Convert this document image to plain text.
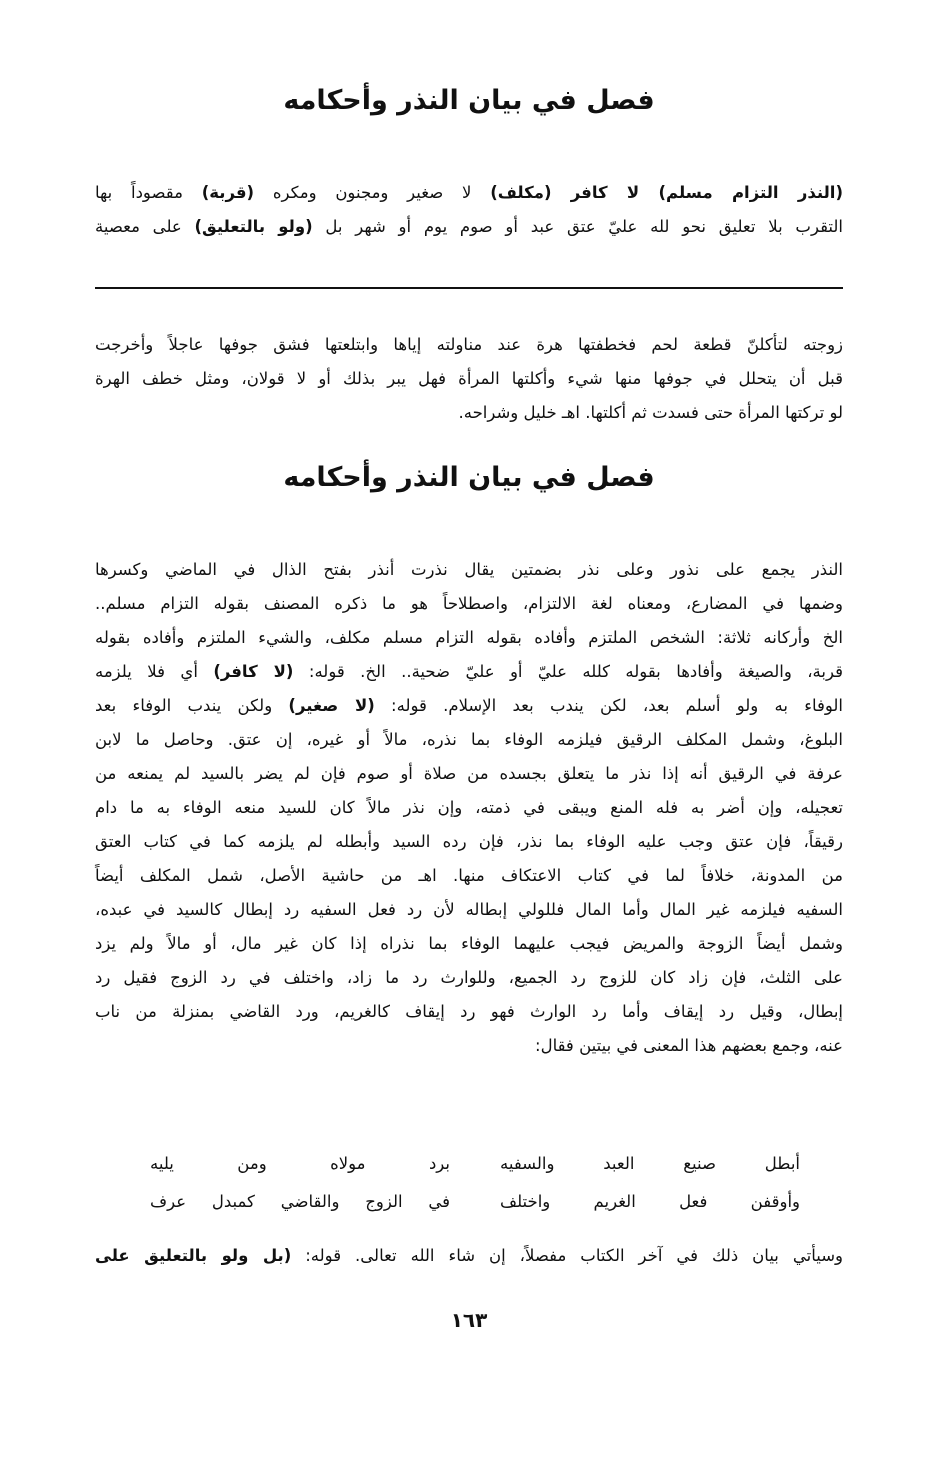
فصل في بيان النذر وأحكامه
(النذر التزام مسلم) لا كافر (مكلف) لا صغير ومجنون ومكره (قربة) مقصوداً بها
التقرب بلا تعليق نحو لله عليّ عتق عبد أو صوم يوم أو شهر بل (ولو بالتعليق) على معصية
زوجته لتأكلنّ قطعة لحم فخطفتها هرة عند مناولته إياها وابتلعتها فشق جوفها عاجلاً وأخرجت
قبل أن يتحلل في جوفها منها شيء وأكلتها المرأة فهل يبر بذلك أو لا قولان، ومثل خطف الهرة
لو تركتها المرأة حتى فسدت ثم أكلتها. اهـ خليل وشراحه.
فصل في بيان النذر وأحكامه
النذر يجمع على نذور وعلى نذر بضمتين يقال نذرت أنذر بفتح الذال في الماضي وكسرها
وضمها في المضارع، ومعناه لغة الالتزام، واصطلاحاً هو ما ذكره المصنف بقوله التزام مسلم..
الخ وأركانه ثلاثة: الشخص الملتزم وأفاده بقوله التزام مسلم مكلف، والشيء الملتزم وأفاده بقوله
قربة، والصيغة وأفادها بقوله كلله عليّ أو عليّ ضحية.. الخ. قوله: (لا كافر) أي فلا يلزمه
الوفاء به ولو أسلم بعد، لكن يندب بعد الإسلام. قوله: (لا صغير) ولكن يندب الوفاء بعد
البلوغ، وشمل المكلف الرقيق فيلزمه الوفاء بما نذره، مالاً أو غيره، إن عتق. وحاصل ما لابن
عرفة في الرقيق أنه إذا نذر ما يتعلق بجسده من صلاة أو صوم فإن لم يضر بالسيد لم يمنعه من
تعجيله، وإن أضر به فله المنع ويبقى في ذمته، وإن نذر مالاً كان للسيد منعه الوفاء به ما دام
رقيقاً، فإن عتق وجب عليه الوفاء بما نذر، فإن رده السيد وأبطله لم يلزمه كما في كتاب العتق
من المدونة، خلافاً لما في كتاب الاعتكاف منها. اهـ من حاشية الأصل، شمل المكلف أيضاً
السفيه فيلزمه غير المال وأما المال فللولي إبطاله لأن رد فعل السفيه رد إبطال كالسيد في عبده،
وشمل أيضاً الزوجة والمريض فيجب عليهما الوفاء بما نذراه إذا كان غير مال، أو مالاً ولم يزد
على الثلث، فإن زاد كان للزوج رد الجميع، وللوارث رد ما زاد، واختلف في رد الزوج فقيل رد
إبطال، وقيل رد إيقاف وأما رد الوارث فهو رد إيقاف كالغريم، ورد القاضي بمنزلة من ناب
عنه، وجمع بعضهم هذا المعنى في بيتين فقال:
أبطل صنيع العبد والسفيه
برد مولاه ومن يليه
وأوقفن فعل الغريم واختلف
في الزوج والقاضي كمبدل عرف
وسيأتي بيان ذلك في آخر الكتاب مفصلاً، إن شاء الله تعالى. قوله: (بل ولو بالتعليق على
١٦٣
